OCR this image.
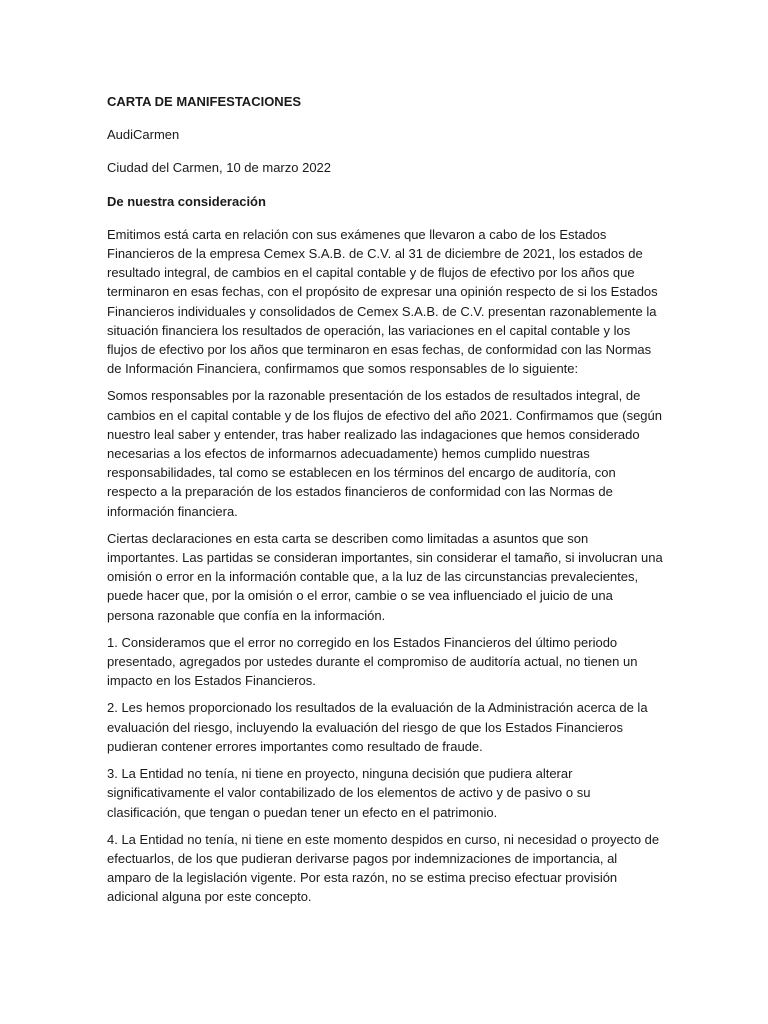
CARTA DE MANIFESTACIONES
AudiCarmen
Ciudad del Carmen, 10 de marzo 2022
De nuestra consideración
Emitimos está carta en relación con sus exámenes que llevaron a cabo de los Estados Financieros de la empresa Cemex S.A.B. de C.V. al 31 de diciembre de 2021, los estados de resultado integral, de cambios en el capital contable y de flujos de efectivo por los años que terminaron en esas fechas, con el propósito de expresar una opinión respecto de si los Estados Financieros individuales y consolidados de Cemex S.A.B. de C.V. presentan razonablemente la situación financiera los resultados de operación, las variaciones en el capital contable y los flujos de efectivo por los años que terminaron en esas fechas, de conformidad con las Normas de Información Financiera, confirmamos que somos responsables de lo siguiente:
Somos responsables por la razonable presentación de los estados de resultados integral, de cambios en el capital contable y de los flujos de efectivo del año 2021. Confirmamos que (según nuestro leal saber y entender, tras haber realizado las indagaciones que hemos considerado necesarias a los efectos de informarnos adecuadamente) hemos cumplido nuestras responsabilidades, tal como se establecen en los términos del encargo de auditoría, con respecto a la preparación de los estados financieros de conformidad con las Normas de información financiera.
Ciertas declaraciones en esta carta se describen como limitadas a asuntos que son importantes. Las partidas se consideran importantes, sin considerar el tamaño, si involucran una omisión o error en la información contable que, a la luz de las circunstancias prevalecientes, puede hacer que, por la omisión o el error, cambie o se vea influenciado el juicio de una persona razonable que confía en la información.
1. Consideramos que el error no corregido en los Estados Financieros del último periodo presentado, agregados por ustedes durante el compromiso de auditoría actual, no tienen un impacto en los Estados Financieros.
2. Les hemos proporcionado los resultados de la evaluación de la Administración acerca de la evaluación del riesgo, incluyendo la evaluación del riesgo de que los Estados Financieros pudieran contener errores importantes como resultado de fraude.
3. La Entidad no tenía, ni tiene en proyecto, ninguna decisión que pudiera alterar significativamente el valor contabilizado de los elementos de activo y de pasivo o su clasificación, que tengan o puedan tener un efecto en el patrimonio.
4. La Entidad no tenía, ni tiene en este momento despidos en curso, ni necesidad o proyecto de efectuarlos, de los que pudieran derivarse pagos por indemnizaciones de importancia, al amparo de la legislación vigente. Por esta razón, no se estima preciso efectuar provisión adicional alguna por este concepto.
